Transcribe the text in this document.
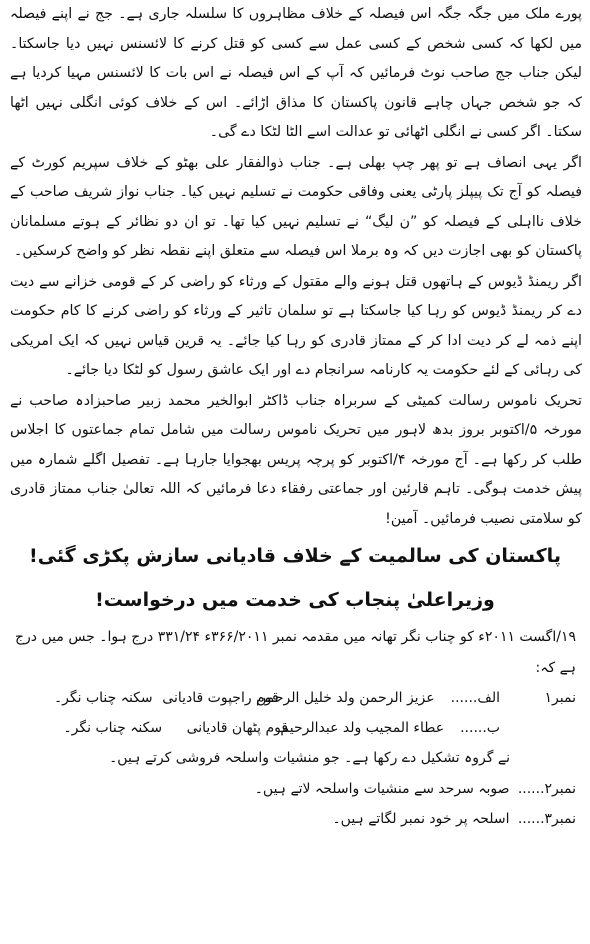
پورے ملک میں جگہ جگہ اس فیصلہ کے خلاف مظاہروں کا سلسلہ جاری ہے۔ جج نے اپنے فیصلہ میں لکھا کہ کسی شخص کے کسی عمل سے کسی کو قتل کرنے کا لائسنس نہیں دیا جاسکتا۔ لیکن جناب جج صاحب نوٹ فرمائیں کہ آپ کے اس فیصلہ نے اس بات کا لائسنس مہیا کردیا ہے کہ جو شخص جہاں چاہے قانون پاکستان کا مذاق اڑائے۔ اس کے خلاف کوئی انگلی نہیں اٹھا سکتا۔ اگر کسی نے انگلی اٹھائی تو عدالت اسے الٹا لٹکا دے گی۔

اگر یہی انصاف ہے تو پھر چپ بھلی ہے۔ جناب ذوالفقار علی بھٹو کے خلاف سپریم کورٹ کے فیصلہ کو آج تک پیپلز پارٹی یعنی وفاقی حکومت نے تسلیم نہیں کیا۔ جناب نواز شریف صاحب کے خلاف نااہلی کے فیصلہ کو ”ن لیگ“ نے تسلیم نہیں کیا تھا۔ تو ان دو نظائر کے ہوتے مسلمانان پاکستان کو بھی اجازت دیں کہ وہ برملا اس فیصلہ سے متعلق اپنے نقطہ نظر کو واضح کرسکیں۔

اگر ریمنڈ ڈیوس کے ہاتھوں قتل ہونے والے مقتول کے ورثاء کو راضی کر کے قومی خزانے سے دیت دے کر ریمنڈ ڈیوس کو رہا کیا جاسکتا ہے تو سلمان تاثیر کے ورثاء کو راضی کرنے کا کام حکومت اپنے ذمہ لے کر دیت ادا کر کے ممتاز قادری کو رہا کیا جائے۔ یہ قرین قیاس نہیں کہ ایک امریکی کی رہائی کے لئے حکومت یہ کارنامہ سرانجام دے اور ایک عاشق رسول کو لٹکا دیا جائے۔

تحریک ناموس رسالت کمیٹی کے سربراہ جناب ڈاکٹر ابوالخیر محمد زبیر صاحبزادہ صاحب نے مورخہ ۵/اکتوبر بروز بدھ لاہور میں تحریک ناموس رسالت میں شامل تمام جماعتوں کا اجلاس طلب کر رکھا ہے۔ آج مورخہ ۴/اکتوبر کو پرچہ پریس بھجوایا جارہا ہے۔ تفصیل اگلے شمارہ میں پیش خدمت ہوگی۔ تاہم قارئین اور جماعتی رفقاء دعا فرمائیں کہ اللہ تعالیٰ جناب ممتاز قادری کو سلامتی نصیب فرمائیں۔ آمین!

پاکستان کی سالمیت کے خلاف قادیانی سازش پکڑی گئی!
وزیراعلیٰ پنجاب کی خدمت میں درخواست!

۱۹/اگست ۲۰۱۱ء کو چناب نگر تھانہ میں مقدمہ نمبر ۳۶۶/۲۰۱۱ء ۳۳۱/۲۴ درج ہوا۔ جس میں درج ہے کہ:

نمبر۱
الف......
عزیز الرحمن ولد خلیل الرحمن
قوم راجپوت قادیانی
سکنہ چناب نگر۔
ب......
عطاء المجیب ولد عبدالرحیم
قوم پٹھان قادیانی
سکنہ چناب نگر۔

نے گروہ تشکیل دے رکھا ہے۔ جو منشیات واسلحہ فروشی کرتے ہیں۔

نمبر۲...... صوبہ سرحد سے منشیات واسلحہ لاتے ہیں۔

نمبر۳...... اسلحہ پر خود نمبر لگاتے ہیں۔
